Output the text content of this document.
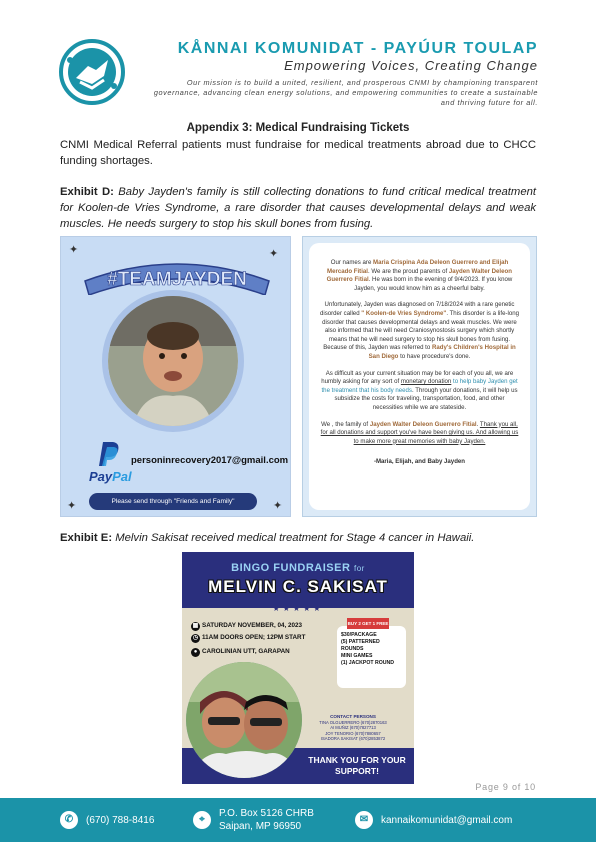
KÅNNAI KOMUNIDAT - PAYÚUR TOULAP
Empowering Voices, Creating Change
Our mission is to build a united, resilient, and prosperous CNMI by championing transparent governance, advancing clean energy solutions, and empowering communities to create a sustainable and thriving future for all.
Appendix 3: Medical Fundraising Tickets
CNMI Medical Referral patients must fundraise for medical treatments abroad due to CHCC funding shortages.
Exhibit D: Baby Jayden's family is still collecting donations to fund critical medical treatment for Koolen-de Vries Syndrome, a rare disorder that causes developmental delays and weak muscles. He needs surgery to stop his skull bones from fusing.
✦	✦
#TEAMJAYDEN
PayPal
personinrecovery2017@gmail.com
Please send through "Friends and Family"
✦	✦

Our names are Maria Crispina Ada Deleon Guerrero and Elijah Mercado Fitial. We are the proud parents of Jayden Walter Deleon Guerrero Fitial. He was born in the evening of 9/4/2023. If you know Jayden, you would know him as a cheerful baby.

Unfortunately, Jayden was diagnosed on 7/18/2024 with a rare genetic disorder called " Koolen-de Vries Syndrome". This disorder is a life-long disorder that causes developmental delays and weak muscles. We were also informed that he will need Craniosynostosis surgery which shortly means that he will need surgery to stop his skull bones from fusing. Because of this, Jayden was referred to Rady's Children's Hospital in San Diego to have procedure's done.

As difficult as your current situation may be for each of you all, we are humbly asking for any sort of monetary donation to help baby Jayden get the treatment that his body needs. Through your donations, it will help us subsidize the costs for traveling, transportation, food, and other necessities while we are stateside.

We , the family of Jayden Walter Deleon Guerrero Fitial. Thank you all, for all donations and support you've have been giving us. And allowing us to make more great memories with baby Jayden.

-Maria, Elijah, and Baby Jayden

Exhibit E: Melvin Sakisat received medical treatment for Stage 4 cancer in Hawaii.
BINGO FUNDRAISER for
MELVIN C. SAKISAT
★★★★★
▦ SATURDAY NOVEMBER, 04, 2023
◷ 11AM DOORS OPEN; 12PM START
● CAROLINIAN UTT, GARAPAN
BUY 2 GET 1 FREE
$30/PACKAGE
(5) PATTERNED ROUNDS
MINI GAMES
(1) JACKPOT ROUND
CONTACT PERSONS
TINA OLGUERRERO (670)2870163
AI MUÑIZ (670)7827713
JOY TENORIO (670)7880657
ISADORA SAKISAT (670)2853872
THANK YOU FOR YOUR SUPPORT!
Page 9 of 10
✆	(670) 788-8416	⌖
P.O. Box 5126 CHRB
Saipan, MP 96950
✉	kannaikomunidat@gmail.com
